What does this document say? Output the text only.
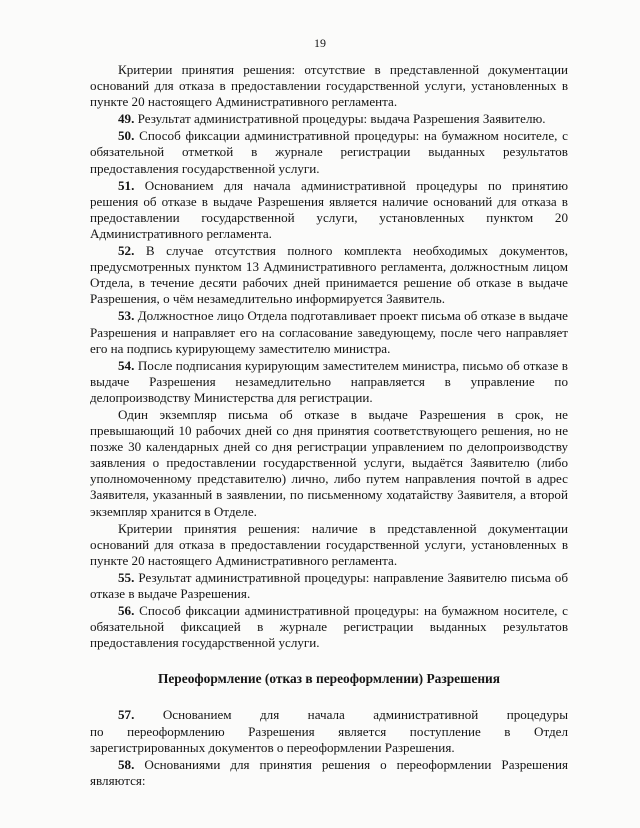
19

Критерии принятия решения: отсутствие в представленной документации оснований для отказа в предоставлении государственной услуги, установленных в пункте 20 настоящего Административного регламента.

49. Результат административной процедуры: выдача Разрешения Заявителю.

50. Способ фиксации административной процедуры: на бумажном носителе, с обязательной отметкой в журнале регистрации выданных результатов предоставления государственной услуги.

51. Основанием для начала административной процедуры по принятию решения об отказе в выдаче Разрешения является наличие оснований для отказа в предоставлении государственной услуги, установленных пунктом 20 Административного регламента.

52. В случае отсутствия полного комплекта необходимых документов, предусмотренных пунктом 13 Административного регламента, должностным лицом Отдела, в течение десяти рабочих дней принимается решение об отказе в выдаче Разрешения, о чём незамедлительно информируется Заявитель.

53. Должностное лицо Отдела подготавливает проект письма об отказе в выдаче Разрешения и направляет его на согласование заведующему, после чего направляет его на подпись курирующему заместителю министра.

54. После подписания курирующим заместителем министра, письмо об отказе в выдаче Разрешения незамедлительно направляется в управление по делопроизводству Министерства для регистрации.

Один экземпляр письма об отказе в выдаче Разрешения в срок, не превышающий 10 рабочих дней со дня принятия соответствующего решения, но не позже 30 календарных дней со дня регистрации управлением по делопроизводству заявления о предоставлении государственной услуги, выдаётся Заявителю (либо уполномоченному представителю) лично, либо путем направления почтой в адрес Заявителя, указанный в заявлении, по письменному ходатайству Заявителя, а второй экземпляр хранится в Отделе.

Критерии принятия решения: наличие в представленной документации оснований для отказа в предоставлении государственной услуги, установленных в пункте 20 настоящего Административного регламента.

55. Результат административной процедуры: направление Заявителю письма об отказе в выдаче Разрешения.

56. Способ фиксации административной процедуры: на бумажном носителе, с обязательной фиксацией в журнале регистрации выданных результатов предоставления государственной услуги.

Переоформление (отказ в переоформлении) Разрешения

57. Основанием для начала административной процедуры

по переоформлению Разрешения является поступление в Отдел

зарегистрированных документов о переоформлении Разрешения.

58. Основаниями для принятия решения о переоформлении Разрешения являются:
